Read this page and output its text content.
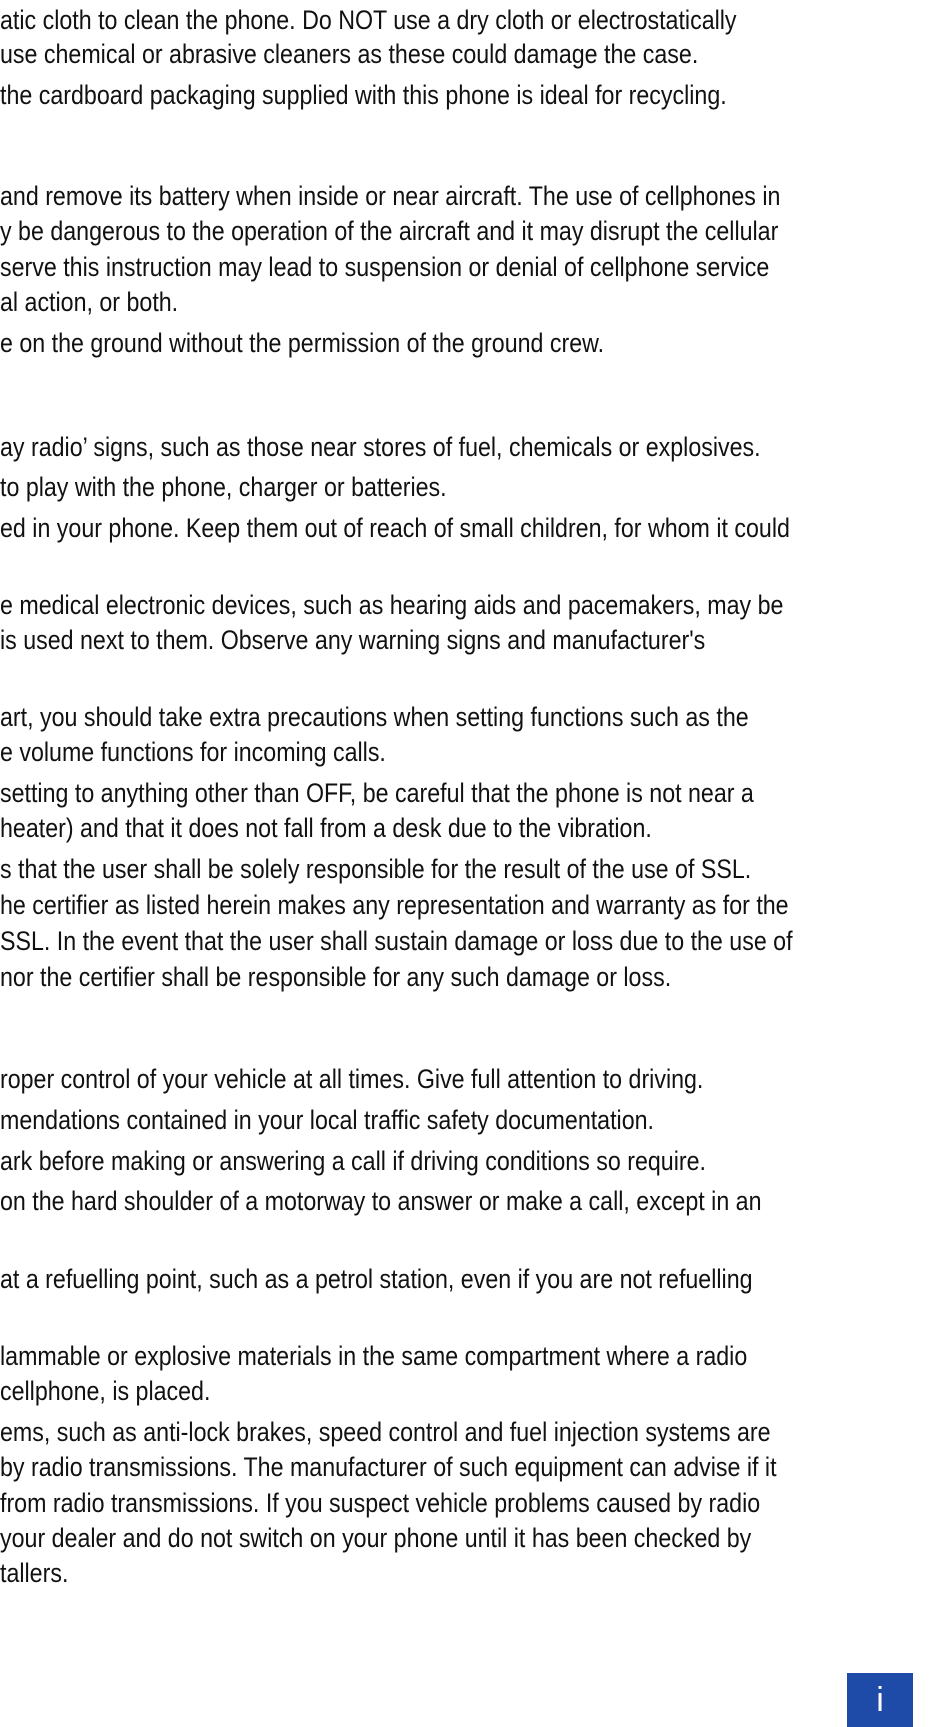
atic cloth to clean the phone. Do NOT use a dry cloth or electrostatically

use chemical or abrasive cleaners as these could damage the case.

the cardboard packaging supplied with this phone is ideal for recycling.

and remove its battery when inside or near aircraft. The use of cellphones in

y be dangerous to the operation of the aircraft and it may disrupt the cellular

serve this instruction may lead to suspension or denial of cellphone service

al action, or both.

e on the ground without the permission of the ground crew.

ay radio’ signs, such as those near stores of fuel, chemicals or explosives.

to play with the phone, charger or batteries.

ed in your phone. Keep them out of reach of small children, for whom it could

e medical electronic devices, such as hearing aids and pacemakers, may be

is used next to them. Observe any warning signs and manufacturer's

art, you should take extra precautions when setting functions such as the

e volume functions for incoming calls.

setting to anything other than OFF, be careful that the phone is not near a

heater) and that it does not fall from a desk due to the vibration.

s that the user shall be solely responsible for the result of the use of SSL.

he certifier as listed herein makes any representation and warranty as for the

SSL. In the event that the user shall sustain damage or loss due to the use of

nor the certifier shall be responsible for any such damage or loss.

roper control of your vehicle at all times. Give full attention to driving.

mendations contained in your local traffic safety documentation.

ark before making or answering a call if driving conditions so require.

on the hard shoulder of a motorway to answer or make a call, except in an

at a refuelling point, such as a petrol station, even if you are not refuelling

lammable or explosive materials in the same compartment where a radio

cellphone, is placed.

ems, such as anti-lock brakes, speed control and fuel injection systems are

by radio transmissions. The manufacturer of such equipment can advise if it

from radio transmissions. If you suspect vehicle problems caused by radio

your dealer and do not switch on your phone until it has been checked by

tallers.

i
